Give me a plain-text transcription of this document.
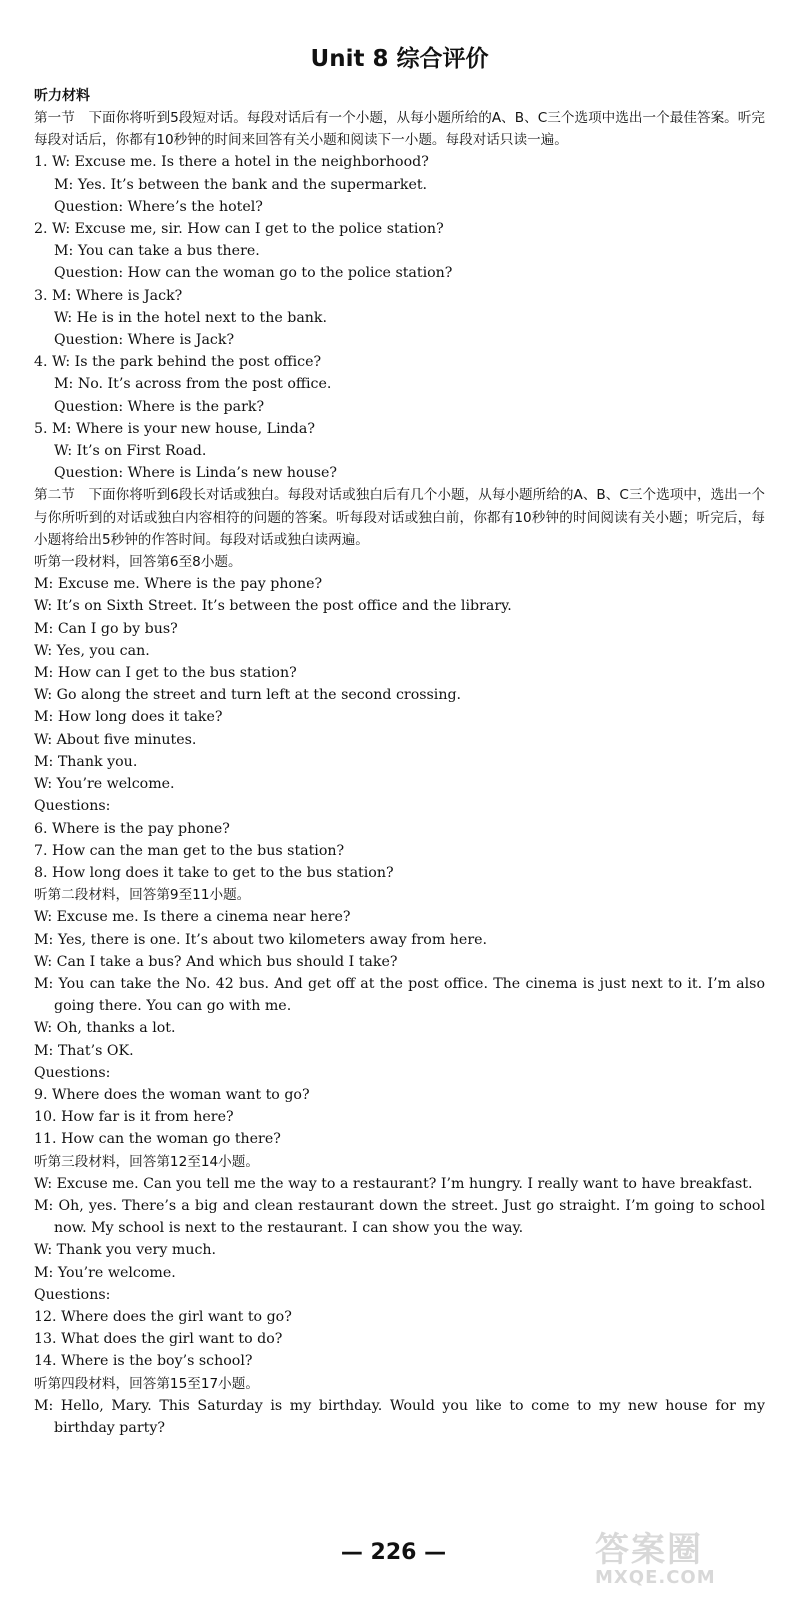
Unit 8 综合评价
听力材料
第一节　下面你将听到5段短对话。每段对话后有一个小题，从每小题所给的A、B、C三个选项中选出一个最佳答案。听完每段对话后，你都有10秒钟的时间来回答有关小题和阅读下一小题。每段对话只读一遍。
1. W: Excuse me. Is there a hotel in the neighborhood?
M: Yes. It’s between the bank and the supermarket.
Question: Where’s the hotel?
2. W: Excuse me, sir. How can I get to the police station?
M: You can take a bus there.
Question: How can the woman go to the police station?
3. M: Where is Jack?
W: He is in the hotel next to the bank.
Question: Where is Jack?
4. W: Is the park behind the post office?
M: No. It’s across from the post office.
Question: Where is the park?
5. M: Where is your new house, Linda?
W: It’s on First Road.
Question: Where is Linda’s new house?
第二节　下面你将听到6段长对话或独白。每段对话或独白后有几个小题，从每小题所给的A、B、C三个选项中，选出一个与你所听到的对话或独白内容相符的问题的答案。听每段对话或独白前，你都有10秒钟的时间阅读有关小题；听完后，每小题将给出5秒钟的作答时间。每段对话或独白读两遍。
听第一段材料，回答第6至8小题。
M: Excuse me. Where is the pay phone?
W: It’s on Sixth Street. It’s between the post office and the library.
M: Can I go by bus?
W: Yes, you can.
M: How can I get to the bus station?
W: Go along the street and turn left at the second crossing.
M: How long does it take?
W: About five minutes.
M: Thank you.
W: You’re welcome.
Questions:
6. Where is the pay phone?
7. How can the man get to the bus station?
8. How long does it take to get to the bus station?
听第二段材料，回答第9至11小题。
W: Excuse me. Is there a cinema near here?
M: Yes, there is one. It’s about two kilometers away from here.
W: Can I take a bus? And which bus should I take?
M: You can take the No. 42 bus. And get off at the post office. The cinema is just next to it. I’m also going there. You can go with me.
W: Oh, thanks a lot.
M: That’s OK.
Questions:
9. Where does the woman want to go?
10. How far is it from here?
11. How can the woman go there?
听第三段材料，回答第12至14小题。
W: Excuse me. Can you tell me the way to a restaurant? I’m hungry. I really want to have breakfast.
M: Oh, yes. There’s a big and clean restaurant down the street. Just go straight. I’m going to school now. My school is next to the restaurant. I can show you the way.
W: Thank you very much.
M: You’re welcome.
Questions:
12. Where does the girl want to go?
13. What does the girl want to do?
14. Where is the boy’s school?
听第四段材料，回答第15至17小题。
M: Hello, Mary. This Saturday is my birthday. Would you like to come to my new house for my birthday party?
— 226 —	答案圈
MXQE.COM
